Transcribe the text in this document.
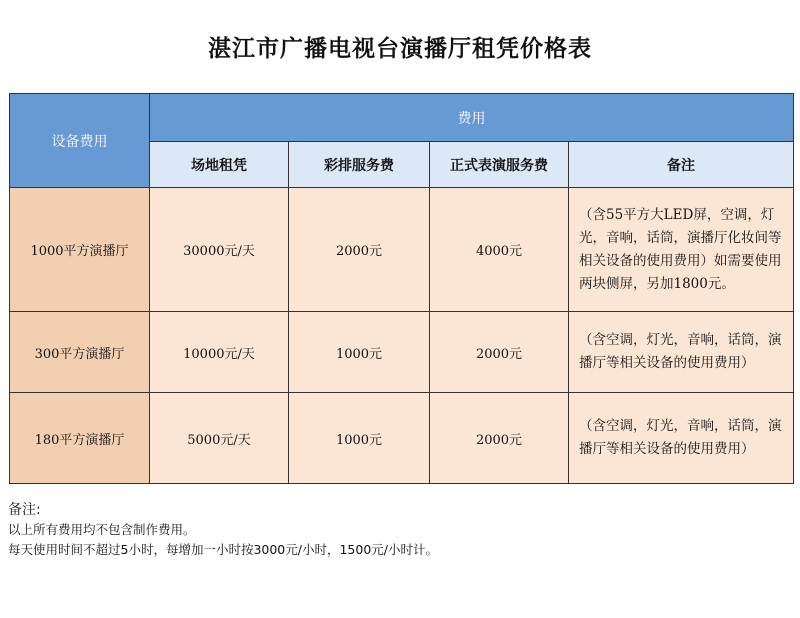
湛江市广播电视台演播厅租凭价格表
设备费用	费用			
	场地租凭	彩排服务费	正式表演服务费	备注
1000平方演播厅	30000元/天	2000元	4000元	（含55平方大LED屏，空调，灯光，音响，话筒，演播厅化妆间等相关设备的使用费用）如需要使用两块侧屏，另加1800元。
300平方演播厅	10000元/天	1000元	2000元	（含空调，灯光，音响，话筒，演播厅等相关设备的使用费用）
180平方演播厅	5000元/天	1000元	2000元	（含空调，灯光，音响，话筒，演播厅等相关设备的使用费用）
备注:
以上所有费用均不包含制作费用。
每天使用时间不超过5小时，每增加一小时按3000元/小时，1500元/小时计。
